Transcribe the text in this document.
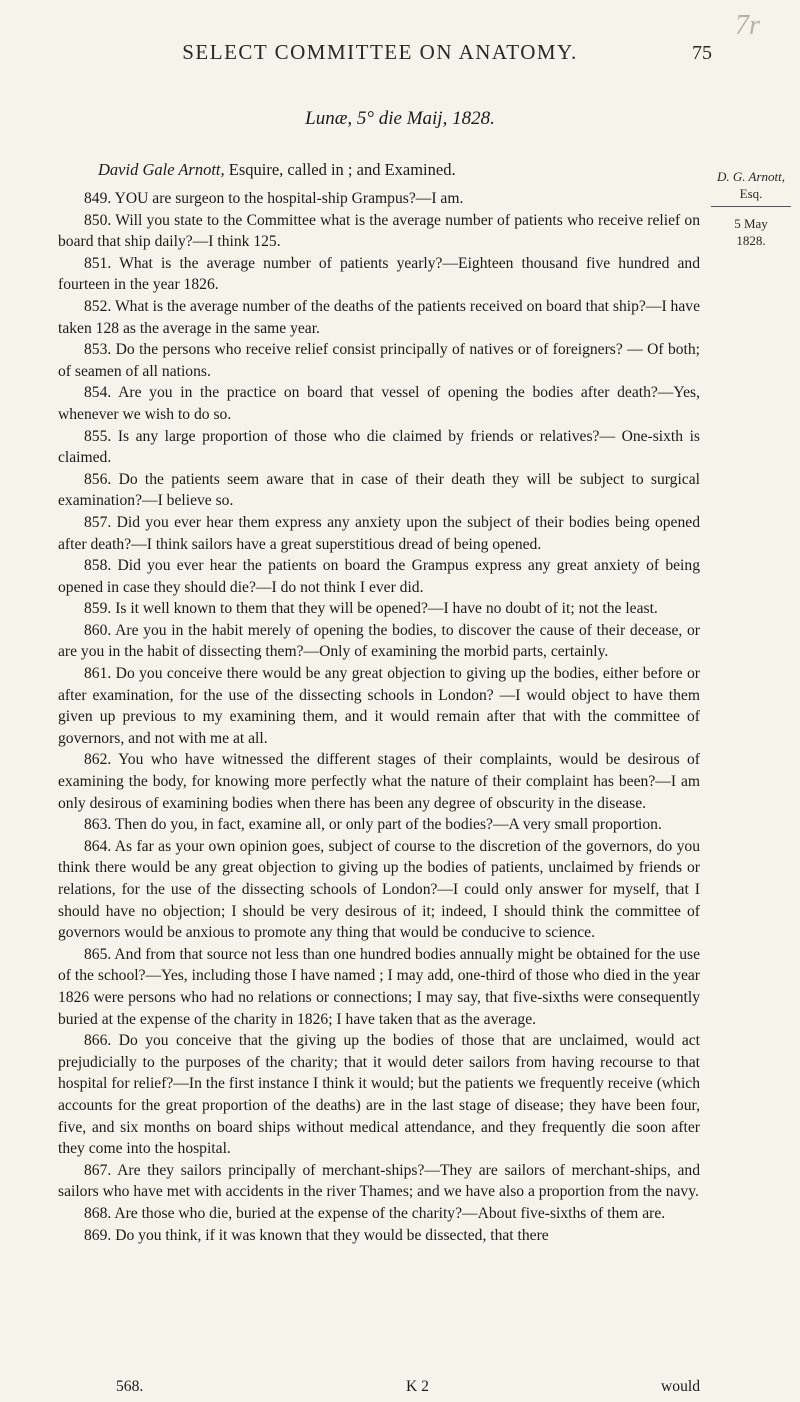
7r
SELECT COMMITTEE ON ANATOMY.	75
Lunæ, 5° die Maij, 1828.
David Gale Arnott, Esquire, called in ; and Examined.	D. G. Arnott,
Esq.
5 May
1828.

849. YOU are surgeon to the hospital-ship Grampus?—I am.

850. Will you state to the Committee what is the average number of patients who receive relief on board that ship daily?—I think 125.

851. What is the average number of patients yearly?—Eighteen thousand five hundred and fourteen in the year 1826.

852. What is the average number of the deaths of the patients received on board that ship?—I have taken 128 as the average in the same year.

853. Do the persons who receive relief consist principally of natives or of foreigners? — Of both; of seamen of all nations.

854. Are you in the practice on board that vessel of opening the bodies after death?—Yes, whenever we wish to do so.

855. Is any large proportion of those who die claimed by friends or relatives?— One-sixth is claimed.

856. Do the patients seem aware that in case of their death they will be subject to surgical examination?—I believe so.

857. Did you ever hear them express any anxiety upon the subject of their bodies being opened after death?—I think sailors have a great superstitious dread of being opened.

858. Did you ever hear the patients on board the Grampus express any great anxiety of being opened in case they should die?—I do not think I ever did.

859. Is it well known to them that they will be opened?—I have no doubt of it; not the least.

860. Are you in the habit merely of opening the bodies, to discover the cause of their decease, or are you in the habit of dissecting them?—Only of examining the morbid parts, certainly.

861. Do you conceive there would be any great objection to giving up the bodies, either before or after examination, for the use of the dissecting schools in London? —I would object to have them given up previous to my examining them, and it would remain after that with the committee of governors, and not with me at all.

862. You who have witnessed the different stages of their complaints, would be desirous of examining the body, for knowing more perfectly what the nature of their complaint has been?—I am only desirous of examining bodies when there has been any degree of obscurity in the disease.

863. Then do you, in fact, examine all, or only part of the bodies?—A very small proportion.

864. As far as your own opinion goes, subject of course to the discretion of the governors, do you think there would be any great objection to giving up the bodies of patients, unclaimed by friends or relations, for the use of the dissecting schools of London?—I could only answer for myself, that I should have no objection; I should be very desirous of it; indeed, I should think the committee of governors would be anxious to promote any thing that would be conducive to science.

865. And from that source not less than one hundred bodies annually might be obtained for the use of the school?—Yes, including those I have named ; I may add, one-third of those who died in the year 1826 were persons who had no relations or connections; I may say, that five-sixths were consequently buried at the expense of the charity in 1826; I have taken that as the average.

866. Do you conceive that the giving up the bodies of those that are unclaimed, would act prejudicially to the purposes of the charity; that it would deter sailors from having recourse to that hospital for relief?—In the first instance I think it would; but the patients we frequently receive (which accounts for the great proportion of the deaths) are in the last stage of disease; they have been four, five, and six months on board ships without medical attendance, and they frequently die soon after they come into the hospital.

867. Are they sailors principally of merchant-ships?—They are sailors of merchant-ships, and sailors who have met with accidents in the river Thames; and we have also a proportion from the navy.

868. Are those who die, buried at the expense of the charity?—About five-sixths of them are.

869. Do you think, if it was known that they would be dissected, that there

568.	K 2	would
